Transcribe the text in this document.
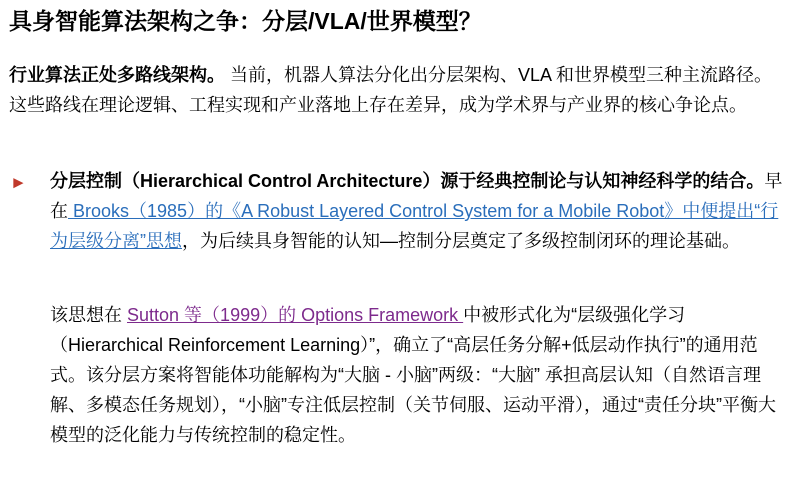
具身智能算法架构之争：分层/VLA/世界模型？
行业算法正处多路线架构。 当前，机器人算法分化出分层架构、VLA 和世界模型三种主流路径。这些路线在理论逻辑、工程实现和产业落地上存在差异，成为学术界与产业界的核心争论点。
► 分层控制（Hierarchical Control Architecture）源于经典控制论与认知神经科学的结合。早在 Brooks（1985）的《A Robust Layered Control System for a Mobile Robot》中便提出“行为层级分离”思想，为后续具身智能的认知—控制分层奠定了多级控制闭环的理论基础。
该思想在 Sutton 等（1999）的 Options Framework 中被形式化为“层级强化学习（Hierarchical Reinforcement Learning）”，确立了“高层任务分解+低层动作执行”的通用范式。该分层方案将智能体功能解构为“大脑 - 小脑”两级：“大脑” 承担高层认知（自然语言理解、多模态任务规划），“小脑”专注低层控制（关节伺服、运动平滑），通过“责任分块”平衡大模型的泛化能力与传统控制的稳定性。
